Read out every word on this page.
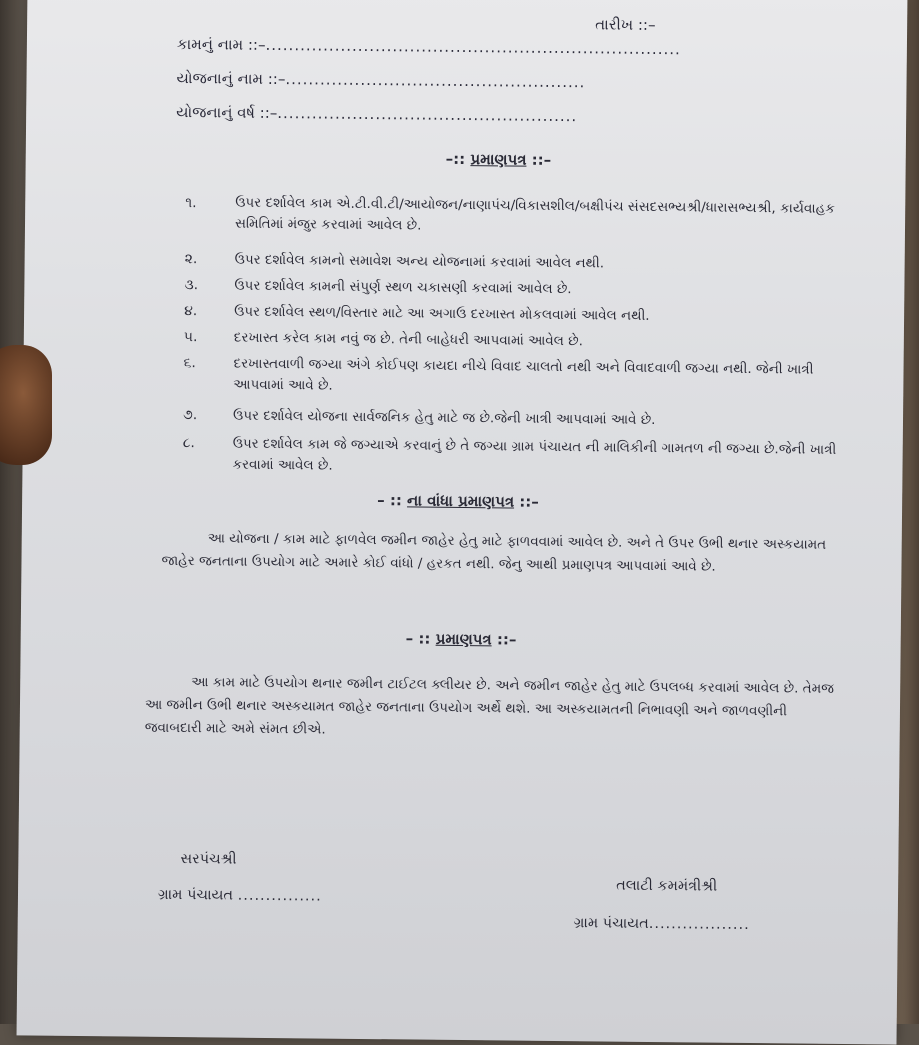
તારીખ ::–
કામનું નામ ::–........................................................................
યોજનાનું નામ ::–....................................................
યોજનાનું વર્ષ ::–....................................................
–:: પ્રમાણપત્ર ::–
૧.	ઉપર દર્શાવેલ કામ એ.ટી.વી.ટી/આયોજન/નાણાપંચ/વિકાસશીલ/બક્ષીપંચ સંસદસભ્યશ્રી/ધારાસભ્યશ્રી, કાર્યવાહક સમિતિમાં મંજુર કરવામાં આવેલ છે.
૨.	ઉપર દર્શાવેલ કામનો સમાવેશ અન્ય યોજનામાં કરવામાં આવેલ નથી.
૩.	ઉપર દર્શાવેલ કામની સંપુર્ણ સ્થળ ચકાસણી કરવામાં આવેલ છે.
૪.	ઉપર દર્શાવેલ સ્થળ/વિસ્તાર માટે આ અગાઉ દરખાસ્ત મોકલવામાં આવેલ નથી.
૫.	દરખાસ્ત કરેલ કામ નવું જ છે. તેની બાહેધરી આપવામાં આવેલ છે.
૬.	દરખાસ્તવાળી જગ્યા અંગે કોઈપણ કાયદા નીચે વિવાદ ચાલતો નથી અને વિવાદવાળી જગ્યા નથી. જેની ખાત્રી આપવામાં આવે છે.
૭.	ઉપર દર્શાવેલ યોજના સાર્વજનિક હેતુ માટે જ છે.જેની ખાત્રી આપવામાં આવે છે.
૮.	ઉપર દર્શાવેલ કામ જે જગ્યાએ કરવાનું છે તે જગ્યા ગ્રામ પંચાયત ની માલિકીની ગામતળ ની જગ્યા છે.જેની ખાત્રી કરવામાં આવેલ છે.
– :: ના વાંધા પ્રમાણપત્ર ::–
આ યોજના / કામ માટે ફાળવેલ જમીન જાહેર હેતુ માટે ફાળવવામાં આવેલ છે. અને તે ઉપર ઉભી થનાર અસ્કયામત જાહેર જનતાના ઉપયોગ માટે અમારે કોઈ વાંધો / હરકત નથી. જેનુ આથી પ્રમાણપત્ર આપવામાં આવે છે.
– :: પ્રમાણપત્ર ::–
આ કામ માટે ઉપયોગ થનાર જમીન ટાઈટલ ક્લીયર છે. અને જમીન જાહેર હેતુ માટે ઉપલબ્ધ કરવામાં આવેલ છે. તેમજ આ જમીન ઉભી થનાર અસ્કયામત જાહેર જનતાના ઉપયોગ અર્થે થશે. આ અસ્કયામતની નિભાવણી અને જાળવણીની જવાબદારી માટે અમે સંમત છીએ.
સરપંચશ્રી
ગ્રામ પંચાયત ...............
તલાટી કમમંત્રીશ્રી
ગ્રામ પંચાયત..................
